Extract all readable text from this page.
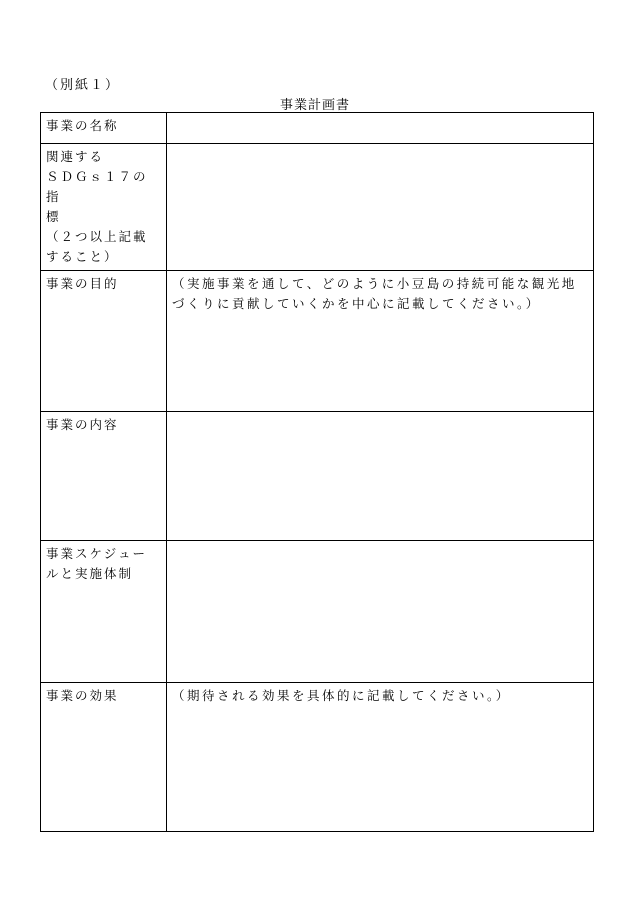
（別紙１）
事業計画書
事業の名称	

関連する
ＳＤＧｓ１７の指
標
（２つ以上記載
すること）	

事業の目的	（実施事業を通して、どのように小豆島の持続可能な観光地づくりに貢献していくかを中心に記載してください。）

事業の内容	

事業スケジュー
ルと実施体制	

事業の効果	（期待される効果を具体的に記載してください。）
